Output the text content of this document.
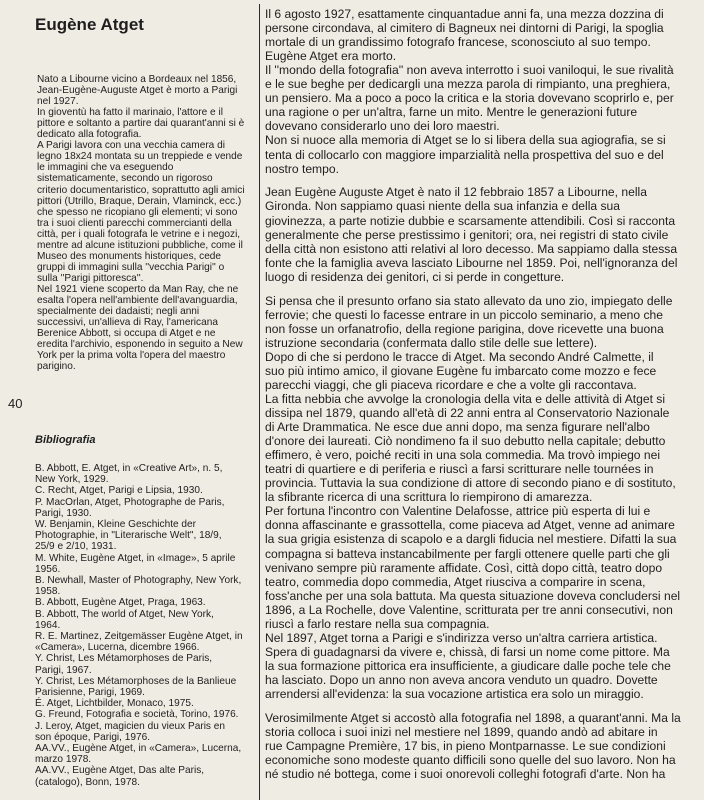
Eugène Atget
Nato a Libourne vicino a Bordeaux nel 1856,
Jean-Eugène-Auguste Atget è morto a Parigi
nel 1927.
In gioventù ha fatto il marinaio, l'attore e il
pittore e soltanto a partire dai quarant'anni si è
dedicato alla fotografia.
A Parigi lavora con una vecchia camera di
legno 18x24 montata su un treppiede e vende
le immagini che va eseguendo
sistematicamente, secondo un rigoroso
criterio documentaristico, soprattutto agli amici
pittori (Utrillo, Braque, Derain, Vlaminck, ecc.)
che spesso ne ricopiano gli elementi; vi sono
tra i suoi clienti parecchi commercianti della
città, per i quali fotografa le vetrine e i negozi,
mentre ad alcune istituzioni pubbliche, come il
Museo des monuments historiques, cede
gruppi di immagini sulla ''vecchia Parigi'' o
sulla ''Parigi pittoresca''.
Nel 1921 viene scoperto da Man Ray, che ne
esalta l'opera nell'ambiente dell'avanguardia,
specialmente dei dadaisti; negli anni
successivi, un'allieva di Ray, l'americana
Berenice Abbott, si occupa di Atget e ne
eredita l'archivio, esponendo in seguito a New
York per la prima volta l'opera del maestro
parigino.
40
Bibliografia
B. Abbott, E. Atget, in «Creative Art», n. 5,
New York, 1929.
C. Recht, Atget, Parigi e Lipsia, 1930.
P. MacOrlan, Atget, Photographe de Paris,
Parigi, 1930.
W. Benjamin, Kleine Geschichte der
Photographie, in "Literarische Welt", 18/9,
25/9 e 2/10, 1931.
M. White, Eugène Atget, in «Image», 5 aprile
1956.
B. Newhall, Master of Photography, New York,
1958.
B. Abbott, Eugène Atget, Praga, 1963.
B. Abbott, The world of Atget, New York,
1964.
R. E. Martinez, Zeitgemässer Eugène Atget, in
«Camera», Lucerna, dicembre 1966.
Y. Christ, Les Métamorphoses de Paris,
Parigi, 1967.
Y. Christ, Les Métamorphoses de la Banlieue
Parisienne, Parigi, 1969.
É. Atget, Lichtbilder, Monaco, 1975.
G. Freund, Fotografia e società, Torino, 1976.
J. Leroy, Atget, magicien du vieux Paris en
son époque, Parigi, 1976.
AA.VV., Eugène Atget, in «Camera», Lucerna,
marzo 1978.
AA.VV., Eugène Atget, Das alte Paris,
(catalogo), Bonn, 1978.
Il 6 agosto 1927, esattamente cinquantadue anni fa, una mezza dozzina di
persone circondava, al cimitero di Bagneux nei dintorni di Parigi, la spoglia
mortale di un grandissimo fotografo francese, sconosciuto al suo tempo.
Eugène Atget era morto.
Il ''mondo della fotografia'' non aveva interrotto i suoi vaniloqui, le sue rivalità
e le sue beghe per dedicargli una mezza parola di rimpianto, una preghiera,
un pensiero. Ma a poco a poco la critica e la storia dovevano scoprirlo e, per
una ragione o per un'altra, farne un mito. Mentre le generazioni future
dovevano considerarlo uno dei loro maestri.
Non si nuoce alla memoria di Atget se lo si libera della sua agiografia, se si
tenta di collocarlo con maggiore imparzialità nella prospettiva del suo e del
nostro tempo.
Jean Eugène Auguste Atget è nato il 12 febbraio 1857 a Libourne, nella
Gironda. Non sappiamo quasi niente della sua infanzia e della sua
giovinezza, a parte notizie dubbie e scarsamente attendibili. Così si racconta
generalmente che perse prestissimo i genitori; ora, nei registri di stato civile
della città non esistono atti relativi al loro decesso. Ma sappiamo dalla stessa
fonte che la famiglia aveva lasciato Libourne nel 1859. Poi, nell'ignoranza del
luogo di residenza dei genitori, ci si perde in congetture.
Si pensa che il presunto orfano sia stato allevato da uno zio, impiegato delle
ferrovie; che questi lo facesse entrare in un piccolo seminario, a meno che
non fosse un orfanatrofio, della regione parigina, dove ricevette una buona
istruzione secondaria (confermata dallo stile delle sue lettere).
Dopo di che si perdono le tracce di Atget. Ma secondo André Calmette, il
suo più intimo amico, il giovane Eugène fu imbarcato come mozzo e fece
parecchi viaggi, che gli piaceva ricordare e che a volte gli raccontava.
La fitta nebbia che avvolge la cronologia della vita e delle attività di Atget si
dissipa nel 1879, quando all'età di 22 anni entra al Conservatorio Nazionale
di Arte Drammatica. Ne esce due anni dopo, ma senza figurare nell'albo
d'onore dei laureati. Ciò nondimeno fa il suo debutto nella capitale; debutto
effimero, è vero, poiché reciti in una sola commedia. Ma trovò impiego nei
teatri di quartiere e di periferia e riuscì a farsi scritturare nelle tournées in
provincia. Tuttavia la sua condizione di attore di secondo piano e di sostituto,
la sfibrante ricerca di una scrittura lo riempirono di amarezza.
Per fortuna l'incontro con Valentine Delafosse, attrice più esperta di lui e
donna affascinante e grassottella, come piaceva ad Atget, venne ad animare
la sua grigia esistenza di scapolo e a dargli fiducia nel mestiere. Difatti la sua
compagna si batteva instancabilmente per fargli ottenere quelle parti che gli
venivano sempre più raramente affidate. Così, città dopo città, teatro dopo
teatro, commedia dopo commedia, Atget riusciva a comparire in scena,
foss'anche per una sola battuta. Ma questa situazione doveva concludersi nel
1896, a La Rochelle, dove Valentine, scritturata per tre anni consecutivi, non
riuscì a farlo restare nella sua compagnia.
Nel 1897, Atget torna a Parigi e s'indirizza verso un'altra carriera artistica.
Spera di guadagnarsi da vivere e, chissà, di farsi un nome come pittore. Ma
la sua formazione pittorica era insufficiente, a giudicare dalle poche tele che
ha lasciato. Dopo un anno non aveva ancora venduto un quadro. Dovette
arrendersi all'evidenza: la sua vocazione artistica era solo un miraggio.
Verosimilmente Atget si accostò alla fotografia nel 1898, a quarant'anni. Ma la
storia colloca i suoi inizi nel mestiere nel 1899, quando andò ad abitare in
rue Campagne Première, 17 bis, in pieno Montparnasse. Le sue condizioni
economiche sono modeste quanto difficili sono quelle del suo lavoro. Non ha
né studio né bottega, come i suoi onorevoli colleghi fotografi d'arte. Non ha
